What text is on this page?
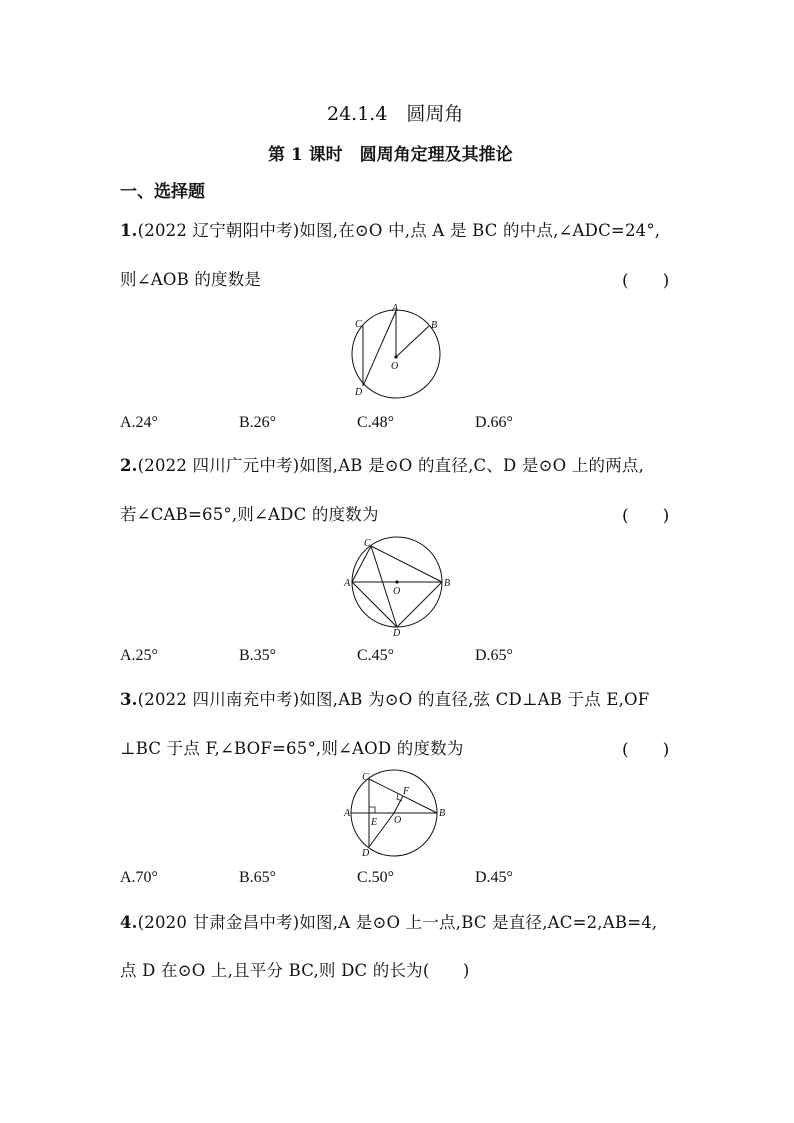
24.1.4　圆周角
第 1 课时　圆周角定理及其推论
一、选择题
1.(2022 辽宁朝阳中考)如图,在⊙O 中,点 A 是 BC 的中点,∠ADC=24°,
则∠AOB 的度数是	(　　)
A
B
C
D
O
A.24°	B.26°	C.48°	D.66°
2.(2022 四川广元中考)如图,AB 是⊙O 的直径,C、D 是⊙O 上的两点,
若∠CAB=65°,则∠ADC 的度数为	(　　)
A	B
C
D
O
A.25°	B.35°	C.45°	D.65°
3.(2022 四川南充中考)如图,AB 为⊙O 的直径,弦 CD⊥AB 于点 E,OF
⊥BC 于点 F,∠BOF=65°,则∠AOD 的度数为	(　　)
A	B
C
D
E
F
O
A.70°	B.65°	C.50°	D.45°
4.(2020 甘肃金昌中考)如图,A 是⊙O 上一点,BC 是直径,AC=2,AB=4,
点 D 在⊙O 上,且平分 BC,则 DC 的长为(　　)
